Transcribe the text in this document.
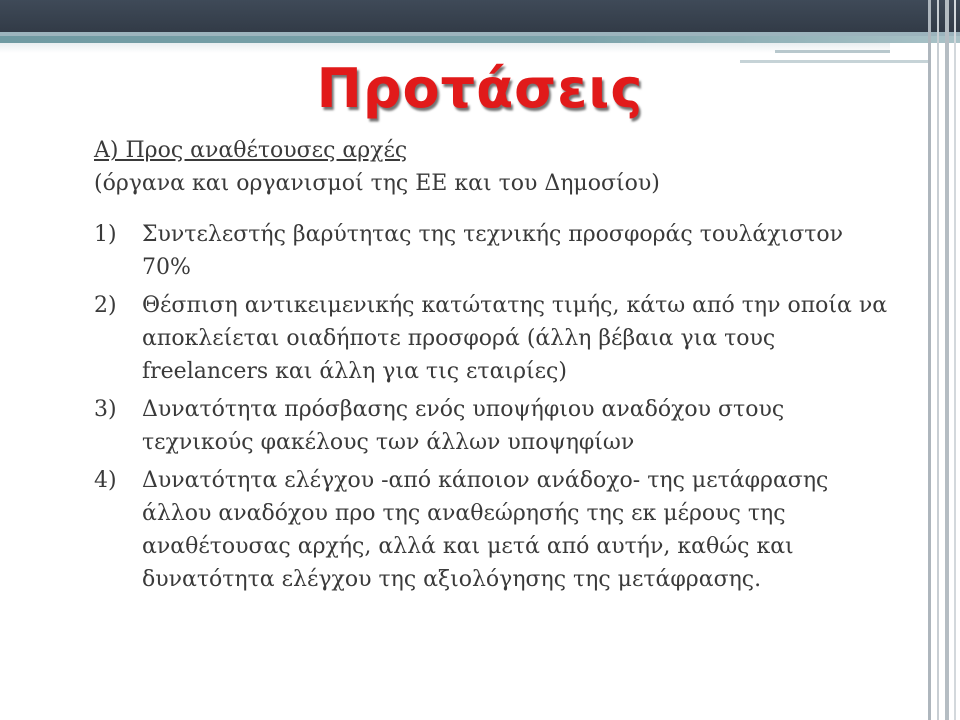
Προτάσεις

Α) Προς αναθέτουσες αρχές

(όργανα και οργανισμοί της ΕΕ και του Δημοσίου)

1) Συντελεστής βαρύτητας της τεχνικής προσφοράς τουλάχιστον 70%
2) Θέσπιση αντικειμενικής κατώτατης τιμής, κάτω από την οποία να αποκλείεται οιαδήποτε προσφορά (άλλη βέβαια για τους freelancers και άλλη για τις εταιρίες)
3) Δυνατότητα πρόσβασης ενός υποψήφιου αναδόχου στους τεχνικούς φακέλους των άλλων υποψηφίων
4) Δυνατότητα ελέγχου -από κάποιον ανάδοχο- της μετάφρασης άλλου αναδόχου προ της αναθεώρησής της εκ μέρους της αναθέτουσας αρχής, αλλά και μετά από αυτήν, καθώς και δυνατότητα ελέγχου της αξιολόγησης της μετάφρασης.
